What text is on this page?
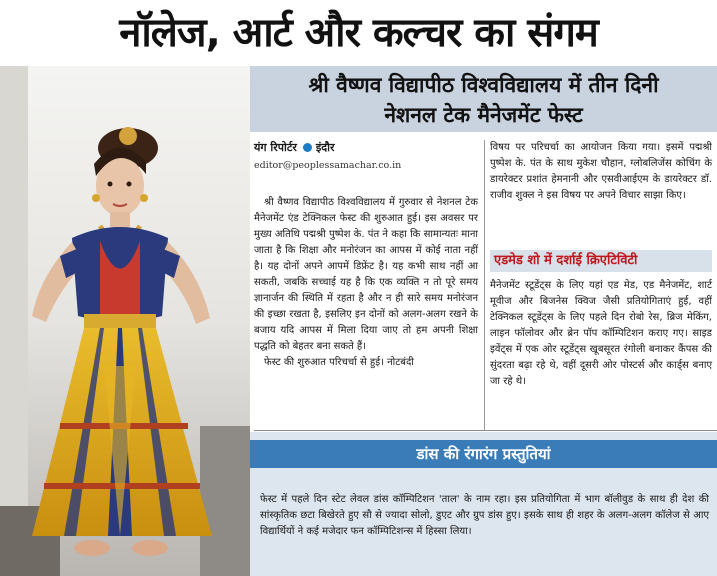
नॉलेज, आर्ट और कल्चर का संगम
श्री वैष्णव विद्यापीठ विश्वविद्यालय में तीन दिनी
नेशनल टेक मैनेजमेंट फेस्ट
यंग रिपोर्टर इंदौर
editor@peoplessamachar.co.in

श्री वैष्णव विद्यापीठ विश्वविद्यालय में गुरुवार से नेशनल टेक मैनेजमेंट एंड टेक्निकल फेस्ट की शुरुआत हुई। इस अवसर पर मुख्य अतिथि पद्मश्री पुष्पेश के. पंत ने कहा कि सामान्यतः माना जाता है कि शिक्षा और मनोरंजन का आपस में कोई नाता नहीं है। यह दोनों अपने आपमें डिफ्रेंट है। यह कभी साथ नहीं आ सकती, जबकि सच्चाई यह है कि एक व्यक्ति न तो पूरे समय ज्ञानार्जन की स्थिति में रहता है और न ही सारे समय मनोरंजन की इच्छा रखता है, इसलिए इन दोनों को अलग-अलग रखने के बजाय यदि आपस में मिला दिया जाए तो हम अपनी शिक्षा पद्धति को बेहतर बना सकते हैं।

फेस्ट की शुरुआत परिचर्चा से हुई। नोटबंदी

विषय पर परिचर्चा का आयोजन किया गया। इसमें पद्मश्री पुष्पेश के. पंत के साथ मुकेश चौहान, ग्लोबलिजेंस कोचिंग के डायरेक्टर प्रशांत हेमनानी और एसवीआईएम के डायरेक्टर डॉ. राजीव शुक्ल ने इस विषय पर अपने विचार साझा किए।

एडमेड शो में दर्शाई क्रिएटिविटी

मैनेजमेंट स्टूडेंट्स के लिए यहां एड मेड, एड मैनेजमेंट, शार्ट मूवीज और बिजनेस क्विज जैसी प्रतियोगिताएं हुई, वहीं टेक्निकल स्टूडेंट्स के लिए पहले दिन रोबो रेस, ब्रिज मेकिंग, लाइन फॉलोवर और ब्रेन पॉप कॉम्पिटिशन कराए गए। साइड इवेंट्स में एक ओर स्टूडेंट्स खूबसूरत रंगोली बनाकर कैंपस की सुंदरता बढ़ा रहे थे, वहीं दूसरी ओर पोस्टर्स और कार्ड्स बनाए जा रहे थे।

डांस की रंगारंग प्रस्तुतियां

फेस्ट में पहले दिन स्टेट लेवल डांस कॉम्पिटिशन 'ताल' के नाम रहा। इस प्रतियोगिता में भाग बॉलीवुड के साथ ही देश की सांस्कृतिक छटा बिखेरते हुए सौ से ज्यादा सोलो, डुएट और ग्रुप डांस हुए। इसके साथ ही शहर के अलग-अलग कॉलेज से आए विद्यार्थियों ने कई मजेदार फन कॉम्पिटिशन्स में हिस्सा लिया।
